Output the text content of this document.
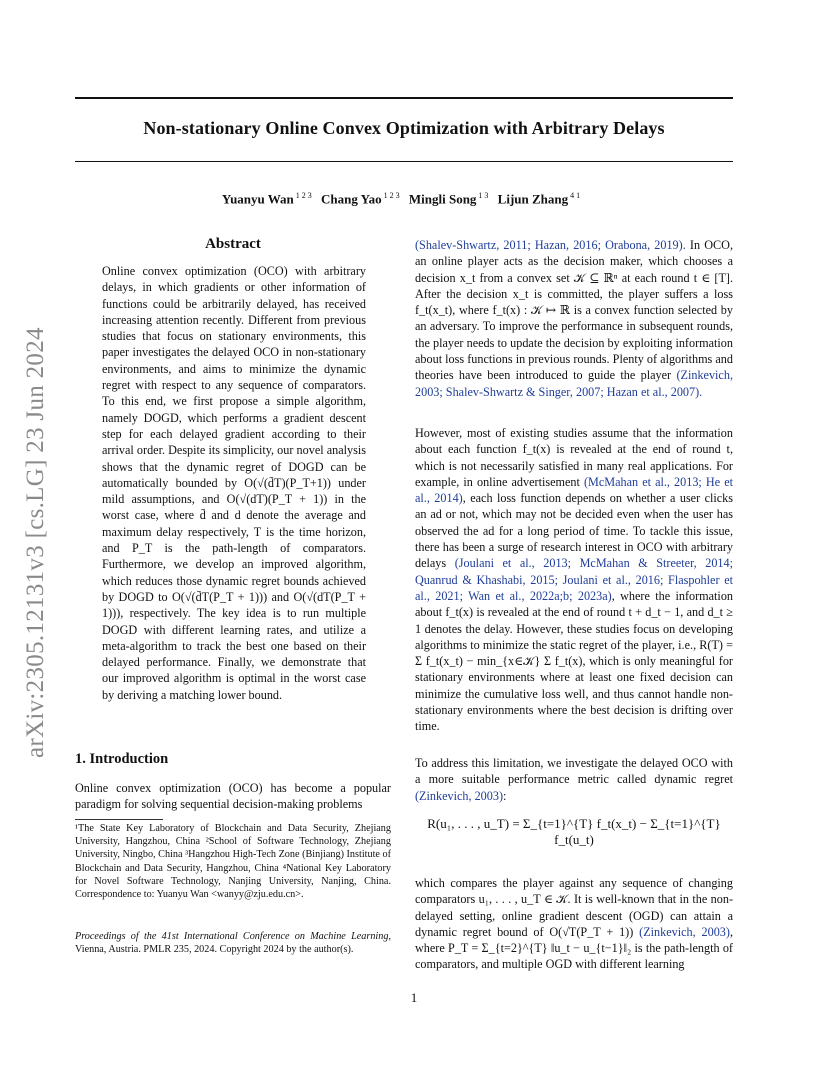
Non-stationary Online Convex Optimization with Arbitrary Delays
Yuanyu Wan $^{1 2 3}$ Chang Yao $^{1 2 3}$ Mingli Song $^{1 3}$ Lijun Zhang $^{4 1}$
arXiv:2305.12131v3 [cs.LG] 23 Jun 2024
Abstract
Online convex optimization (OCO) with arbitrary delays, in which gradients or other information of functions could be arbitrarily delayed, has received increasing attention recently. Different from previous studies that focus on stationary environments, this paper investigates the delayed OCO in non-stationary environments, and aims to minimize the dynamic regret with respect to any sequence of comparators. To this end, we first propose a simple algorithm, namely DOGD, which performs a gradient descent step for each delayed gradient according to their arrival order. Despite its simplicity, our novel analysis shows that the dynamic regret of DOGD can be automatically bounded by O(√(d̄T)(P_T+1)) under mild assumptions, and O(√(dT)(P_T + 1)) in the worst case, where d̄ and d denote the average and maximum delay respectively, T is the time horizon, and P_T is the path-length of comparators. Furthermore, we develop an improved algorithm, which reduces those dynamic regret bounds achieved by DOGD to O(√(d̄T(P_T + 1))) and O(√(dT(P_T + 1))), respectively. The key idea is to run multiple DOGD with different learning rates, and utilize a meta-algorithm to track the best one based on their delayed performance. Finally, we demonstrate that our improved algorithm is optimal in the worst case by deriving a matching lower bound.
1. Introduction
Online convex optimization (OCO) has become a popular paradigm for solving sequential decision-making problems
¹The State Key Laboratory of Blockchain and Data Security, Zhejiang University, Hangzhou, China ²School of Software Technology, Zhejiang University, Ningbo, China ³Hangzhou High-Tech Zone (Binjiang) Institute of Blockchain and Data Security, Hangzhou, China ⁴National Key Laboratory for Novel Software Technology, Nanjing University, Nanjing, China. Correspondence to: Yuanyu Wan <wanyy@zju.edu.cn>.
Proceedings of the 41st International Conference on Machine Learning, Vienna, Austria. PMLR 235, 2024. Copyright 2024 by the author(s).

(Shalev-Shwartz, 2011; Hazan, 2016; Orabona, 2019). In OCO, an online player acts as the decision maker, which chooses a decision x_t from a convex set 𝒦 ⊆ ℝⁿ at each round t ∈ [T]. After the decision x_t is committed, the player suffers a loss f_t(x_t), where f_t(x) : 𝒦 ↦ ℝ is a convex function selected by an adversary. To improve the performance in subsequent rounds, the player needs to update the decision by exploiting information about loss functions in previous rounds. Plenty of algorithms and theories have been introduced to guide the player (Zinkevich, 2003; Shalev-Shwartz & Singer, 2007; Hazan et al., 2007).

However, most of existing studies assume that the information about each function f_t(x) is revealed at the end of round t, which is not necessarily satisfied in many real applications. For example, in online advertisement (McMahan et al., 2013; He et al., 2014), each loss function depends on whether a user clicks an ad or not, which may not be decided even when the user has observed the ad for a long period of time. To tackle this issue, there has been a surge of research interest in OCO with arbitrary delays (Joulani et al., 2013; McMahan & Streeter, 2014; Quanrud & Khashabi, 2015; Joulani et al., 2016; Flaspohler et al., 2021; Wan et al., 2022a;b; 2023a), where the information about f_t(x) is revealed at the end of round t + d_t − 1, and d_t ≥ 1 denotes the delay. However, these studies focus on developing algorithms to minimize the static regret of the player, i.e., R(T) = Σ f_t(x_t) − min_{x∈𝒦} Σ f_t(x), which is only meaningful for stationary environments where at least one fixed decision can minimize the cumulative loss well, and thus cannot handle non-stationary environments where the best decision is drifting over time.

To address this limitation, we investigate the delayed OCO with a more suitable performance metric called dynamic regret (Zinkevich, 2003):

R(u₁, . . . , u_T) = Σ_{t=1}^{T} f_t(x_t) − Σ_{t=1}^{T} f_t(u_t)

which compares the player against any sequence of changing comparators u₁, . . . , u_T ∈ 𝒦. It is well-known that in the non-delayed setting, online gradient descent (OGD) can attain a dynamic regret bound of O(√T(P_T + 1)) (Zinkevich, 2003), where P_T = Σ_{t=2}^{T} ‖u_t − u_{t−1}‖₂ is the path-length of comparators, and multiple OGD with different learning

1
